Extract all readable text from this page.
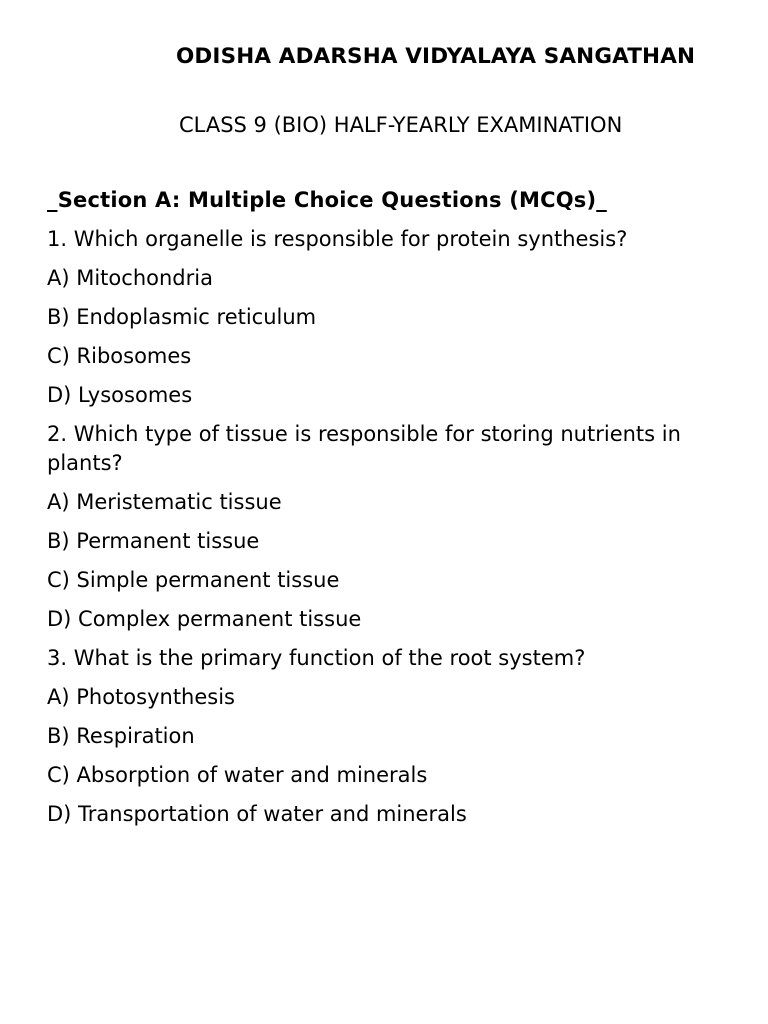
ODISHA ADARSHA VIDYALAYA SANGATHAN
CLASS 9 (BIO) HALF-YEARLY EXAMINATION
_Section A: Multiple Choice Questions (MCQs)_
1. Which organelle is responsible for protein synthesis?
A) Mitochondria
B) Endoplasmic reticulum
C) Ribosomes
D) Lysosomes
2. Which type of tissue is responsible for storing nutrients in plants?
A) Meristematic tissue
B) Permanent tissue
C) Simple permanent tissue
D) Complex permanent tissue
3. What is the primary function of the root system?
A) Photosynthesis
B) Respiration
C) Absorption of water and minerals
D) Transportation of water and minerals
